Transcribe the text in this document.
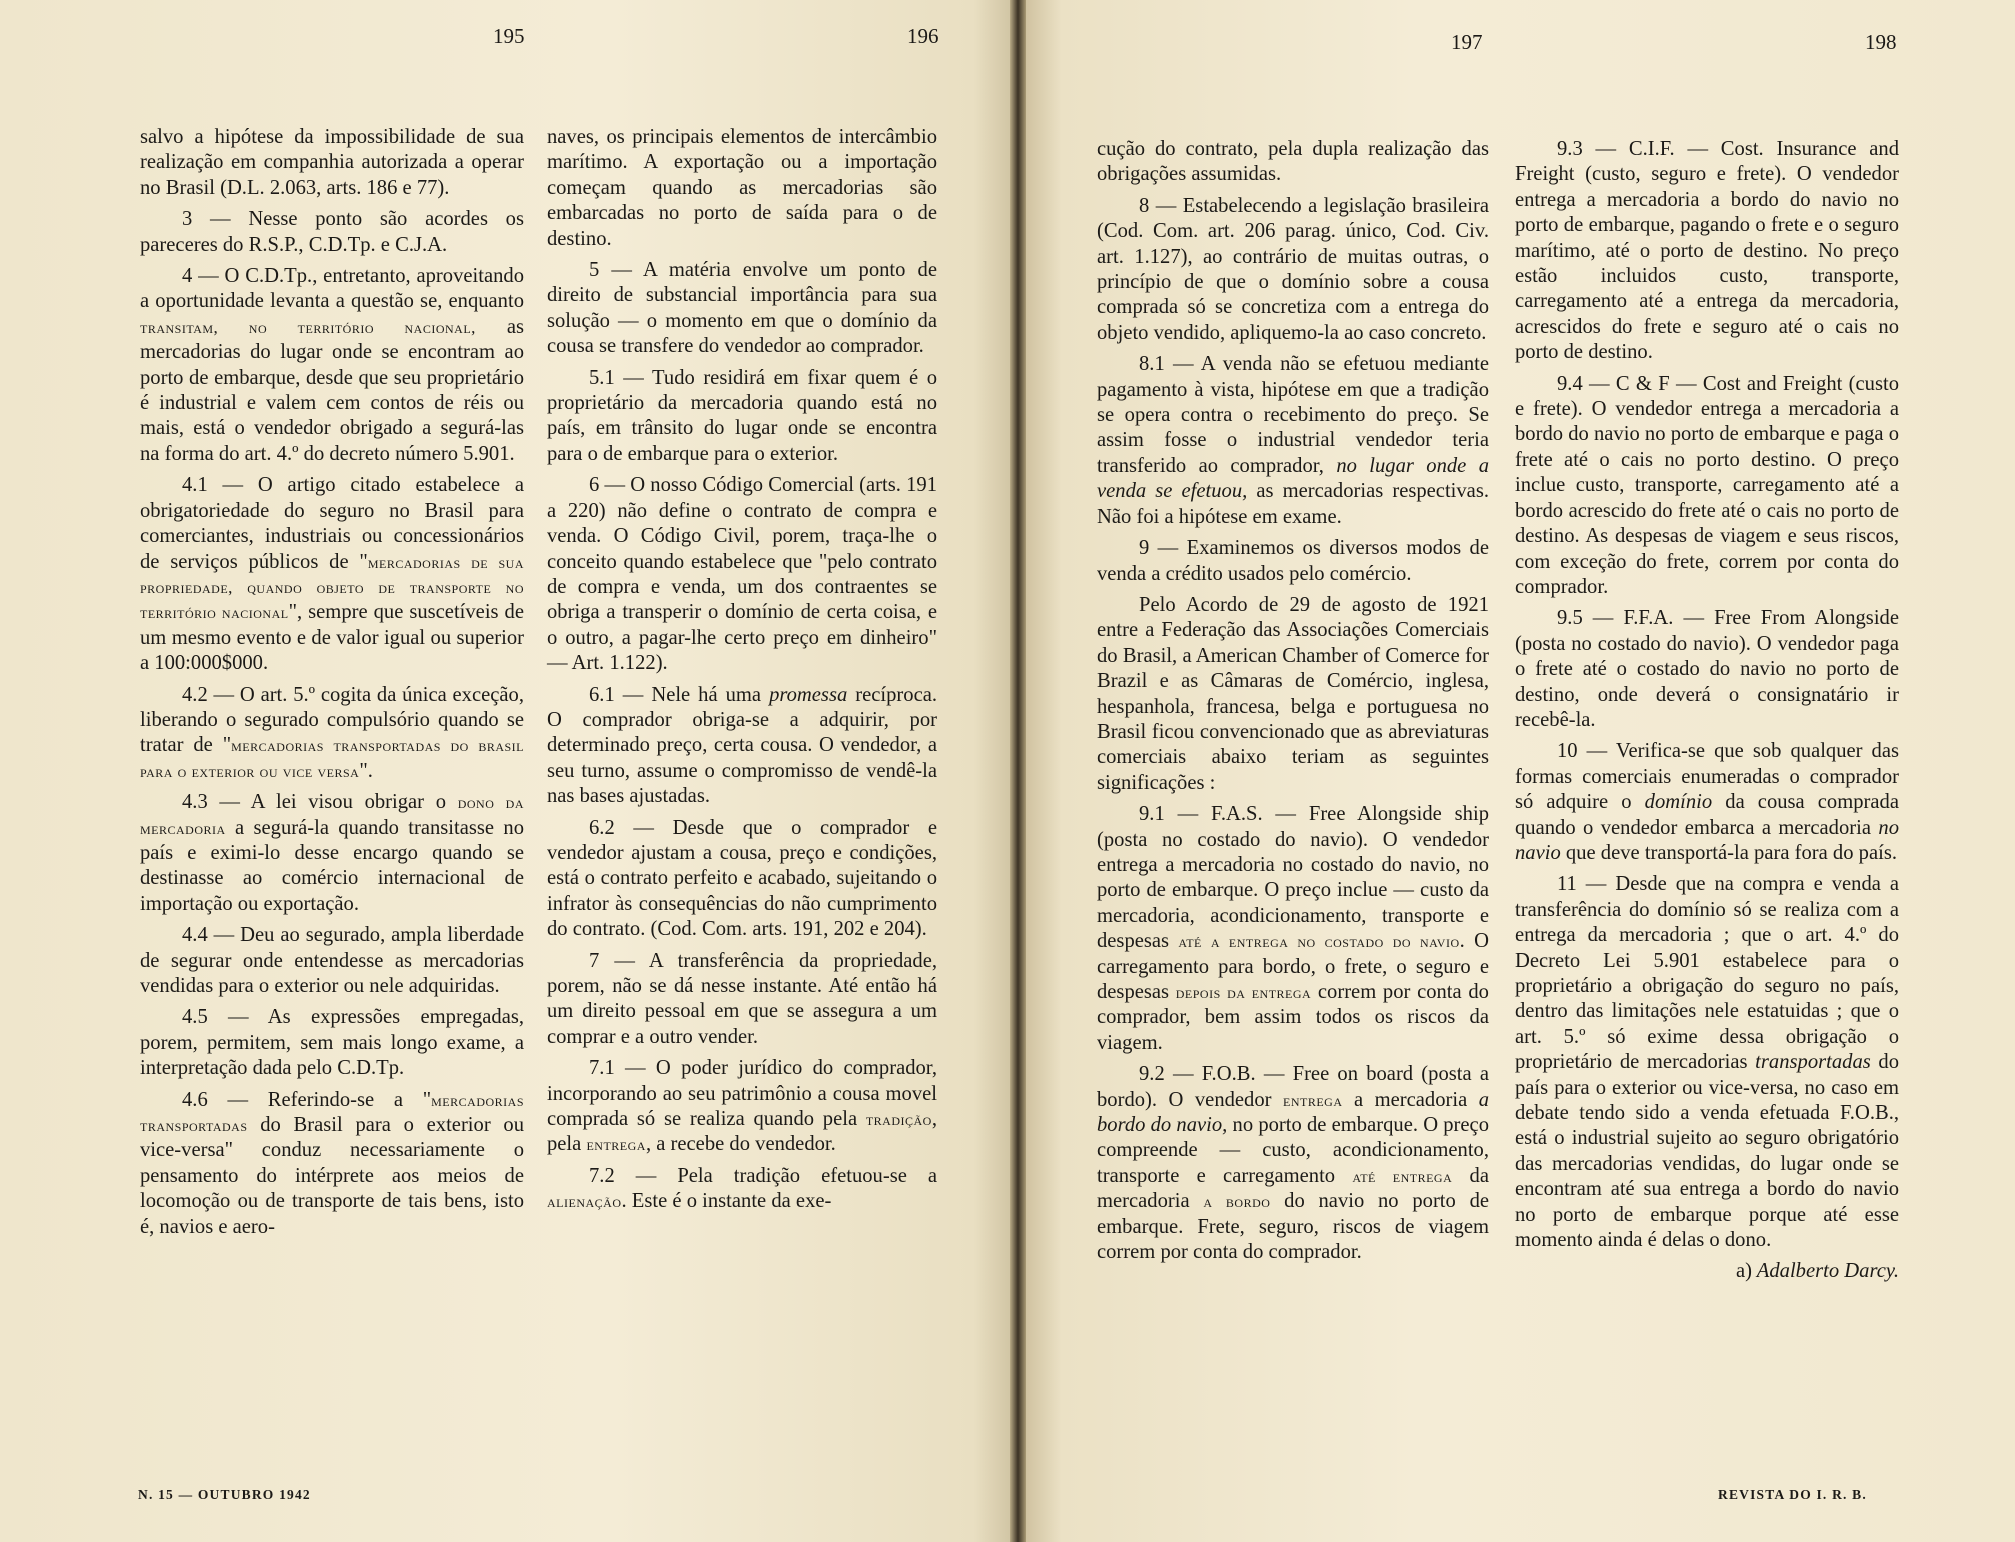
195	196	197	198

salvo a hipótese da impossibilidade de sua realização em companhia autorizada a operar no Brasil (D.L. 2.063, arts. 186 e 77).

3 — Nesse ponto são acordes os pareceres do R.S.P., C.D.Tp. e C.J.A.

4 — O C.D.Tp., entretanto, aproveitando a oportunidade levanta a questão se, enquanto transitam, no território nacional, as mercadorias do lugar onde se encontram ao porto de embarque, desde que seu proprietário é industrial e valem cem contos de réis ou mais, está o vendedor obrigado a segurá-las na forma do art. 4.º do decreto número 5.901.

4.1 — O artigo citado estabelece a obrigatoriedade do seguro no Brasil para comerciantes, industriais ou concessionários de serviços públicos de "mercadorias de sua propriedade, quando objeto de transporte no território nacional", sempre que suscetíveis de um mesmo evento e de valor igual ou superior a 100:000$000.

4.2 — O art. 5.º cogita da única exceção, liberando o segurado compulsório quando se tratar de "mercadorias transportadas do brasil para o exterior ou vice versa".

4.3 — A lei visou obrigar o dono da mercadoria a segurá-la quando transitasse no país e eximi-lo desse encargo quando se destinasse ao comércio internacional de importação ou exportação.

4.4 — Deu ao segurado, ampla liberdade de segurar onde entendesse as mercadorias vendidas para o exterior ou nele adquiridas.

4.5 — As expressões empregadas, porem, permitem, sem mais longo exame, a interpretação dada pelo C.D.Tp.

4.6 — Referindo-se a "mercadorias transportadas do Brasil para o exterior ou vice-versa" conduz necessariamente o pensamento do intérprete aos meios de locomoção ou de transporte de tais bens, isto é, navios e aero-

naves, os principais elementos de intercâmbio marítimo. A exportação ou a importação começam quando as mercadorias são embarcadas no porto de saída para o de destino.

5 — A matéria envolve um ponto de direito de substancial importância para sua solução — o momento em que o domínio da cousa se transfere do vendedor ao comprador.

5.1 — Tudo residirá em fixar quem é o proprietário da mercadoria quando está no país, em trânsito do lugar onde se encontra para o de embarque para o exterior.

6 — O nosso Código Comercial (arts. 191 a 220) não define o contrato de compra e venda. O Código Civil, porem, traça-lhe o conceito quando estabelece que "pelo contrato de compra e venda, um dos contraentes se obriga a transperir o domínio de certa coisa, e o outro, a pagar-lhe certo preço em dinheiro" — Art. 1.122).

6.1 — Nele há uma promessa recíproca. O comprador obriga-se a adquirir, por determinado preço, certa cousa. O vendedor, a seu turno, assume o compromisso de vendê-la nas bases ajustadas.

6.2 — Desde que o comprador e vendedor ajustam a cousa, preço e condições, está o contrato perfeito e acabado, sujeitando o infrator às consequências do não cumprimento do contrato. (Cod. Com. arts. 191, 202 e 204).

7 — A transferência da propriedade, porem, não se dá nesse instante. Até então há um direito pessoal em que se assegura a um comprar e a outro vender.

7.1 — O poder jurídico do comprador, incorporando ao seu patrimônio a cousa movel comprada só se realiza quando pela tradição, pela entrega, a recebe do vendedor.

7.2 — Pela tradição efetuou-se a alienação. Este é o instante da exe-

cução do contrato, pela dupla realização das obrigações assumidas.

8 — Estabelecendo a legislação brasileira (Cod. Com. art. 206 parag. único, Cod. Civ. art. 1.127), ao contrário de muitas outras, o princípio de que o domínio sobre a cousa comprada só se concretiza com a entrega do objeto vendido, apliquemo-la ao caso concreto.

8.1 — A venda não se efetuou mediante pagamento à vista, hipótese em que a tradição se opera contra o recebimento do preço. Se assim fosse o industrial vendedor teria transferido ao comprador, no lugar onde a venda se efetuou, as mercadorias respectivas. Não foi a hipótese em exame.

9 — Examinemos os diversos modos de venda a crédito usados pelo comércio.

Pelo Acordo de 29 de agosto de 1921 entre a Federação das Associações Comerciais do Brasil, a American Chamber of Comerce for Brazil e as Câmaras de Comércio, inglesa, hespanhola, francesa, belga e portuguesa no Brasil ficou convencionado que as abreviaturas comerciais abaixo teriam as seguintes significações :

9.1 — F.A.S. — Free Alongside ship (posta no costado do navio). O vendedor entrega a mercadoria no costado do navio, no porto de embarque. O preço inclue — custo da mercadoria, acondicionamento, transporte e despesas até a entrega no costado do navio. O carregamento para bordo, o frete, o seguro e despesas depois da entrega correm por conta do comprador, bem assim todos os riscos da viagem.

9.2 — F.O.B. — Free on board (posta a bordo). O vendedor entrega a mercadoria a bordo do navio, no porto de embarque. O preço compreende — custo, acondicionamento, transporte e carregamento até entrega da mercadoria a bordo do navio no porto de embarque. Frete, seguro, riscos de viagem correm por conta do comprador.

9.3 — C.I.F. — Cost. Insurance and Freight (custo, seguro e frete). O vendedor entrega a mercadoria a bordo do navio no porto de embarque, pagando o frete e o seguro marítimo, até o porto de destino. No preço estão incluidos custo, transporte, carregamento até a entrega da mercadoria, acrescidos do frete e seguro até o cais no porto de destino.

9.4 — C & F — Cost and Freight (custo e frete). O vendedor entrega a mercadoria a bordo do navio no porto de embarque e paga o frete até o cais no porto destino. O preço inclue custo, transporte, carregamento até a bordo acrescido do frete até o cais no porto de destino. As despesas de viagem e seus riscos, com exceção do frete, correm por conta do comprador.

9.5 — F.F.A. — Free From Alongside (posta no costado do navio). O vendedor paga o frete até o costado do navio no porto de destino, onde deverá o consignatário ir recebê-la.

10 — Verifica-se que sob qualquer das formas comerciais enumeradas o comprador só adquire o domínio da cousa comprada quando o vendedor embarca a mercadoria no navio que deve transportá-la para fora do país.

11 — Desde que na compra e venda a transferência do domínio só se realiza com a entrega da mercadoria ; que o art. 4.º do Decreto Lei 5.901 estabelece para o proprietário a obrigação do seguro no país, dentro das limitações nele estatuidas ; que o art. 5.º só exime dessa obrigação o proprietário de mercadorias transportadas do país para o exterior ou vice-versa, no caso em debate tendo sido a venda efetuada F.O.B., está o industrial sujeito ao seguro obrigatório das mercadorias vendidas, do lugar onde se encontram até sua entrega a bordo do navio no porto de embarque porque até esse momento ainda é delas o dono.

a) Adalberto Darcy.
N. 15 — OUTUBRO 1942	REVISTA DO I. R. B.
